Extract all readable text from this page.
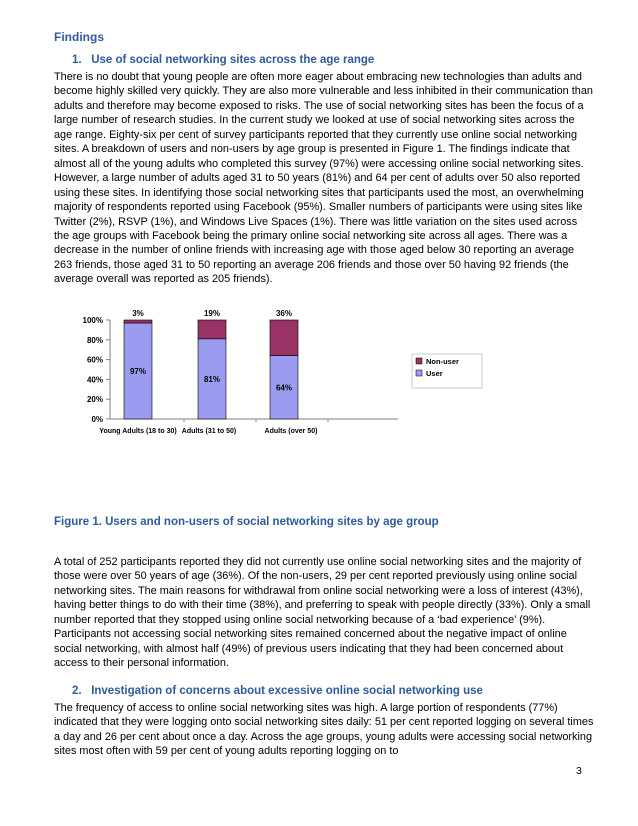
Findings
1. Use of social networking sites across the age range

There is no doubt that young people are often more eager about embracing new technologies than adults and become highly skilled very quickly. They are also more vulnerable and less inhibited in their communication than adults and therefore may become exposed to risks. The use of social networking sites has been the focus of a large number of research studies. In the current study we looked at use of social networking sites across the age range. Eighty-six per cent of survey participants reported that they currently use online social networking sites. A breakdown of users and non-users by age group is presented in Figure 1. The findings indicate that almost all of the young adults who completed this survey (97%) were accessing online social networking sites. However, a large number of adults aged 31 to 50 years (81%) and 64 per cent of adults over 50 also reported using these sites. In identifying those social networking sites that participants used the most, an overwhelming majority of respondents reported using Facebook (95%). Smaller numbers of participants were using sites like Twitter (2%), RSVP (1%), and Windows Live Spaces (1%). There was little variation on the sites used across the age groups with Facebook being the primary online social networking site across all ages. There was a decrease in the number of online friends with increasing age with those aged below 30 reporting an average 263 friends, those aged 31 to 50 reporting an average 206 friends and those over 50 having 92 friends (the average overall was reported as 205 friends).

0%
20%
40%
60%
80%
100%
97%
3%
81%
19%
64%
36%
Young Adults (18 to 30) Adults (31 to 50)	Adults (over 50)
Non-user
User
Figure 1. Users and non-users of social networking sites by age group

A total of 252 participants reported they did not currently use online social networking sites and the majority of those were over 50 years of age (36%). Of the non-users, 29 per cent reported previously using online social networking sites. The main reasons for withdrawal from online social networking were a loss of interest (43%), having better things to do with their time (38%), and preferring to speak with people directly (33%). Only a small number reported that they stopped using online social networking because of a ‘bad experience’ (9%). Participants not accessing social networking sites remained concerned about the negative impact of online social networking, with almost half (49%) of previous users indicating that they had been concerned about access to their personal information.

2. Investigation of concerns about excessive online social networking use

The frequency of access to online social networking sites was high. A large portion of respondents (77%) indicated that they were logging onto social networking sites daily: 51 per cent reported logging on several times a day and 26 per cent about once a day. Across the age groups, young adults were accessing social networking sites most often with 59 per cent of young adults reporting logging on to

3
